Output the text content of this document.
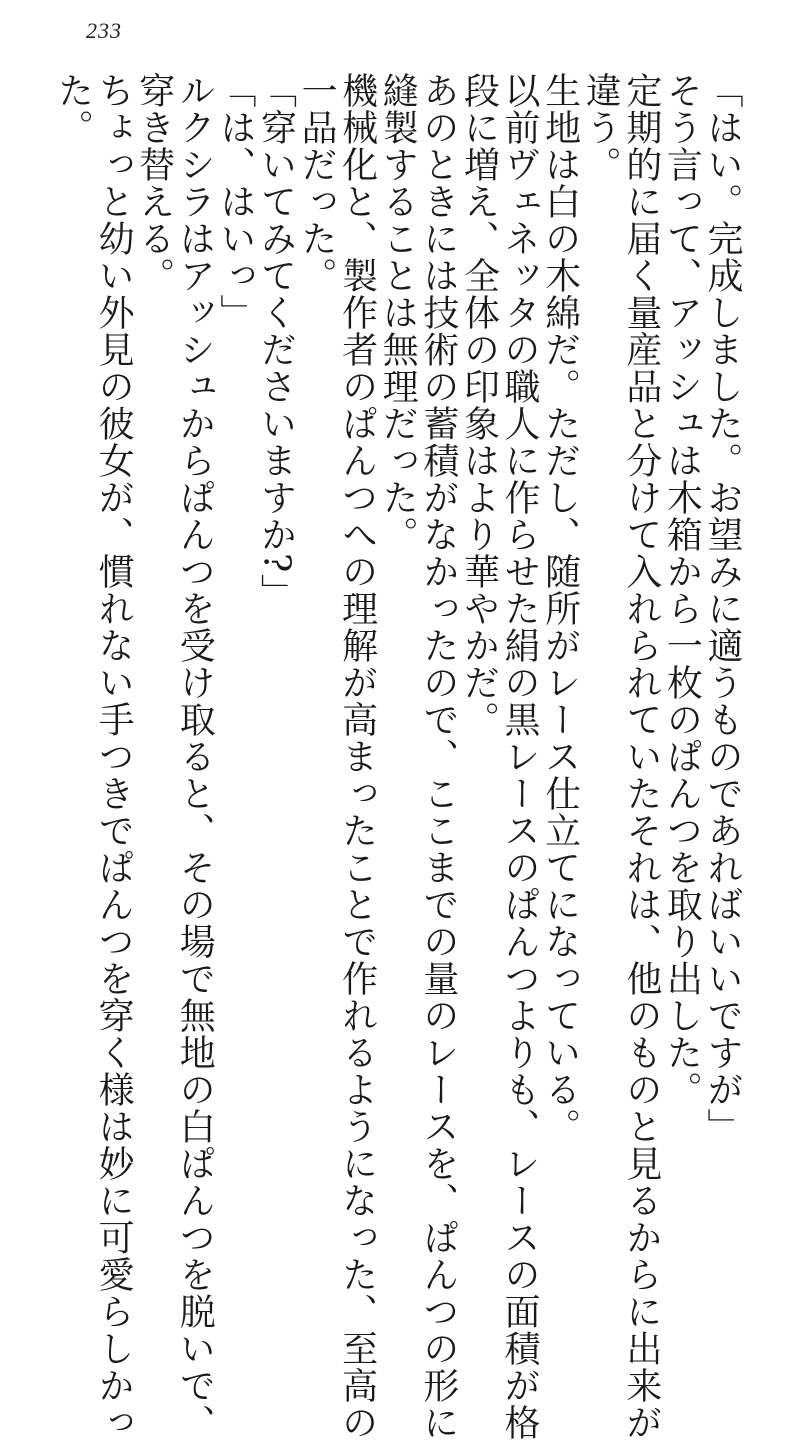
233
「はい。完成しました。お望みに適うものであればいいですが」
そう言って、アッシュは木箱から一枚のぱんつを取り出した。
定期的に届く量産品と分けて入れられていたそれは、他のものと見るからに出来が
違う。
生地は白の木綿だ。ただし、随所がレース仕立てになっている。
以前ヴェネッタの職人に作らせた絹の黒レースのぱんつよりも、レースの面積が格
段に増え、全体の印象はより華やかだ。
あのときには技術の蓄積がなかったので、ここまでの量のレースを、ぱんつの形に
縫製することは無理だった。
機械化と、製作者のぱんつへの理解が高まったことで作れるようになった、至高の
一品だった。
「穿いてみてくださいますか?」
「は、はいっ」
ルクシラはアッシュからぱんつを受け取ると、その場で無地の白ぱんつを脱いで、
穿き替える。
ちょっと幼い外見の彼女が、慣れない手つきでぱんつを穿く様は妙に可愛らしかっ
た。
